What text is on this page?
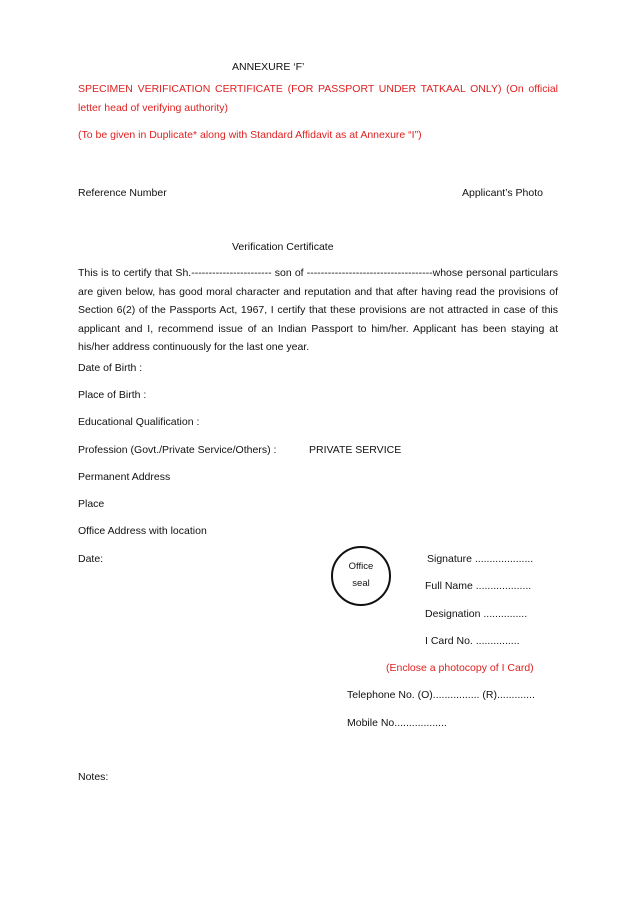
ANNEXURE ‘F’
SPECIMEN VERIFICATION CERTIFICATE (FOR PASSPORT UNDER TATKAAL ONLY) (On official letter head of verifying authority)
(To be given in Duplicate* along with Standard Affidavit as at Annexure “I”)
Reference Number	Applicant’s Photo
Verification Certificate
This is to certify that Sh.----------------------- son of ------------------------------------whose personal particulars are given below, has good moral character and reputation and that after having read the provisions of Section 6(2) of the Passports Act, 1967, I certify that these provisions are not attracted in case of this applicant and I, recommend issue of an Indian Passport to him/her. Applicant has been staying at his/her address continuously for the last one year.
Date of Birth :
Place of Birth :
Educational Qualification :
Profession (Govt./Private Service/Others) :	PRIVATE SERVICE
Permanent Address
Place
Office Address with location
Date:
Office
seal
Signature ....................
Full Name ...................
Designation ...............
I Card No. ...............
(Enclose a photocopy of I Card)
Telephone No. (O)................ (R).............
Mobile No..................
Notes:
